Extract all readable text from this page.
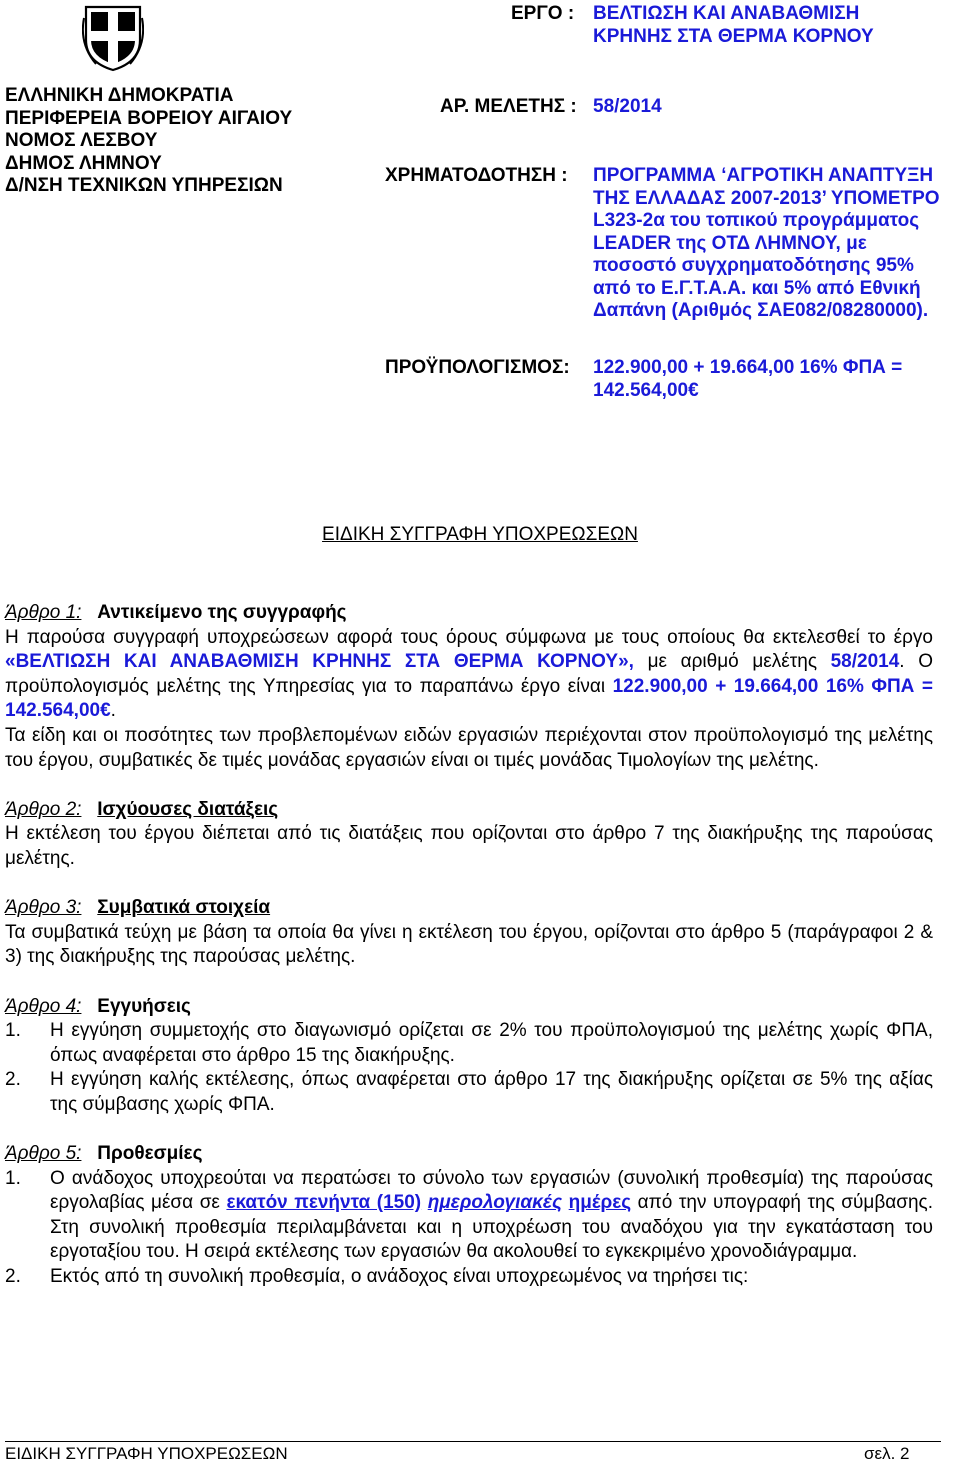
ΕΛΛΗΝΙΚΗ ΔΗΜΟΚΡΑΤΙΑ
ΠΕΡΙΦΕΡΕΙΑ ΒΟΡΕΙΟΥ ΑΙΓΑΙΟΥ
ΝΟΜΟΣ ΛΕΣΒΟΥ
ΔΗΜΟΣ ΛΗΜΝΟΥ
Δ/ΝΣΗ ΤΕΧΝΙΚΩΝ ΥΠΗΡΕΣΙΩΝ
ΕΡΓΟ : ΒΕΛΤΙΩΣΗ ΚΑΙ ΑΝΑΒΑΘΜΙΣΗ
ΚΡΗΝΗΣ ΣΤΑ ΘΕΡΜΑ ΚΟΡΝΟΥ
ΑΡ. ΜΕΛΕΤΗΣ : 58/2014
ΧΡΗΜΑΤΟΔΟΤΗΣΗ : ΠΡΟΓΡΑΜΜΑ ‘ΑΓΡΟΤΙΚΗ ΑΝΑΠΤΥΞΗ
ΤΗΣ ΕΛΛΑΔΑΣ 2007-2013’ ΥΠΟΜΕΤΡΟ
L323-2α του τοπικού προγράμματος
LEADER της ΟΤΔ ΛΗΜΝΟΥ, με
ποσοστό συγχρηματοδότησης 95%
από το Ε.Γ.Τ.Α.Α. και 5% από Εθνική
Δαπάνη (Αριθμός ΣΑΕ082/08280000).
ΠΡΟΫΠΟΛΟΓΙΣΜΟΣ: 122.900,00 + 19.664,00 16% ΦΠΑ =
142.564,00€
ΕΙΔΙΚΗ ΣΥΓΓΡΑΦΗ ΥΠΟΧΡΕΩΣΕΩΝ

Άρθρο 1: Αντικείμενο της συγγραφής

Η παρούσα συγγραφή υποχρεώσεων αφορά τους όρους σύμφωνα με τους οποίους θα εκτελεσθεί το έργο «ΒΕΛΤΙΩΣΗ ΚΑΙ ΑΝΑΒΑΘΜΙΣΗ ΚΡΗΝΗΣ ΣΤΑ ΘΕΡΜΑ ΚΟΡΝΟΥ», με αριθμό μελέτης 58/2014. Ο προϋπολογισμός μελέτης της Υπηρεσίας για το παραπάνω έργο είναι 122.900,00 + 19.664,00 16% ΦΠΑ = 142.564,00€.

Τα είδη και οι ποσότητες των προβλεπομένων ειδών εργασιών περιέχονται στον προϋπολογισμό της μελέτης του έργου, συμβατικές δε τιμές μονάδας εργασιών είναι οι τιμές μονάδας Τιμολογίων της μελέτης.

Άρθρο 2: Ισχύουσες διατάξεις

Η εκτέλεση του έργου διέπεται από τις διατάξεις που ορίζονται στο άρθρο 7 της διακήρυξης της παρούσας μελέτης.

Άρθρο 3: Συμβατικά στοιχεία

Τα συμβατικά τεύχη με βάση τα οποία θα γίνει η εκτέλεση του έργου, ορίζονται στο άρθρο 5 (παράγραφοι 2 & 3) της διακήρυξης της παρούσας μελέτης.

Άρθρο 4: Εγγυήσεις

1.	Η εγγύηση συμμετοχής στο διαγωνισμό ορίζεται σε 2% του προϋπολογισμού της μελέτης χωρίς ΦΠΑ, όπως αναφέρεται στο άρθρο 15 της διακήρυξης.
2.	Η εγγύηση καλής εκτέλεσης, όπως αναφέρεται στο άρθρο 17 της διακήρυξης ορίζεται σε 5% της αξίας της σύμβασης χωρίς ΦΠΑ.

Άρθρο 5: Προθεσμίες

1.	Ο ανάδοχος υποχρεούται να περατώσει το σύνολο των εργασιών (συνολική προθεσμία) της παρούσας εργολαβίας μέσα σε εκατόν πενήντα (150) ημερολογιακές ημέρες από την υπογραφή της σύμβασης. Στη συνολική προθεσμία περιλαμβάνεται και η υποχρέωση του αναδόχου για την εγκατάσταση του εργοταξίου του. Η σειρά εκτέλεσης των εργασιών θα ακολουθεί το εγκεκριμένο χρονοδιάγραμμα.
2.	Εκτός από τη συνολική προθεσμία, ο ανάδοχος είναι υποχρεωμένος να τηρήσει τις:
ΕΙΔΙΚΗ ΣΥΓΓΡΑΦΗ ΥΠΟΧΡΕΩΣΕΩΝ	σελ. 2
